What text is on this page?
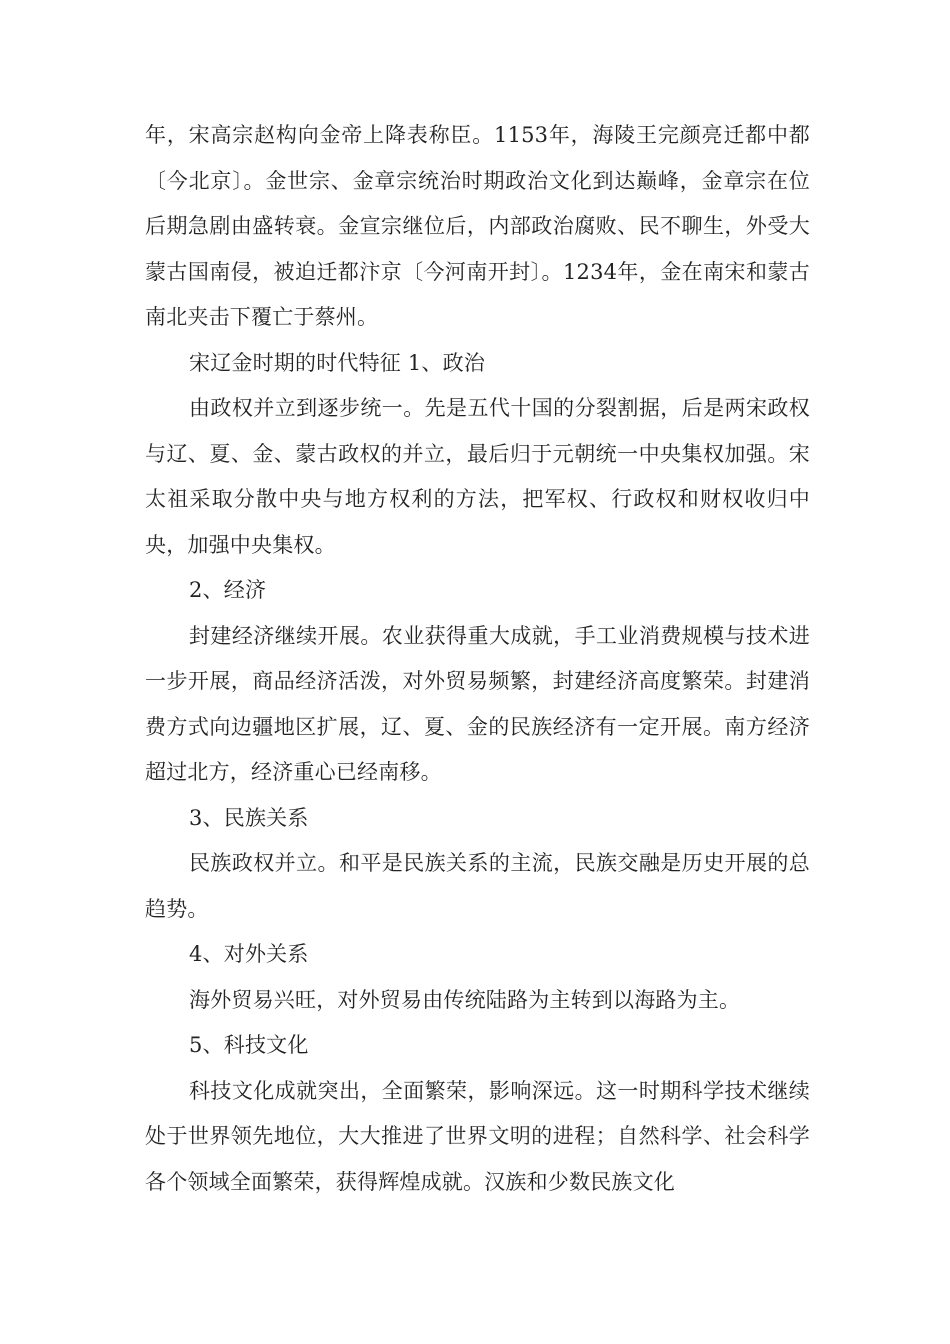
年，宋高宗赵构向金帝上降表称臣。1153年，海陵王完颜亮迁都中都〔今北京〕。金世宗、金章宗统治时期政治文化到达巅峰，金章宗在位后期急剧由盛转衰。金宣宗继位后，内部政治腐败、民不聊生，外受大蒙古国南侵，被迫迁都汴京〔今河南开封〕。1234年，金在南宋和蒙古南北夹击下覆亡于蔡州。

宋辽金时期的时代特征 1、政治

由政权并立到逐步统一。先是五代十国的分裂割据，后是两宋政权与辽、夏、金、蒙古政权的并立，最后归于元朝统一中央集权加强。宋太祖采取分散中央与地方权利的方法，把军权、行政权和财权收归中央，加强中央集权。

2、经济

封建经济继续开展。农业获得重大成就，手工业消费规模与技术进一步开展，商品经济活泼，对外贸易频繁，封建经济高度繁荣。封建消费方式向边疆地区扩展，辽、夏、金的民族经济有一定开展。南方经济超过北方，经济重心已经南移。

3、民族关系

民族政权并立。和平是民族关系的主流，民族交融是历史开展的总趋势。

4、对外关系

海外贸易兴旺，对外贸易由传统陆路为主转到以海路为主。

5、科技文化

科技文化成就突出，全面繁荣，影响深远。这一时期科学技术继续处于世界领先地位，大大推进了世界文明的进程；自然科学、社会科学各个领域全面繁荣，获得辉煌成就。汉族和少数民族文化
